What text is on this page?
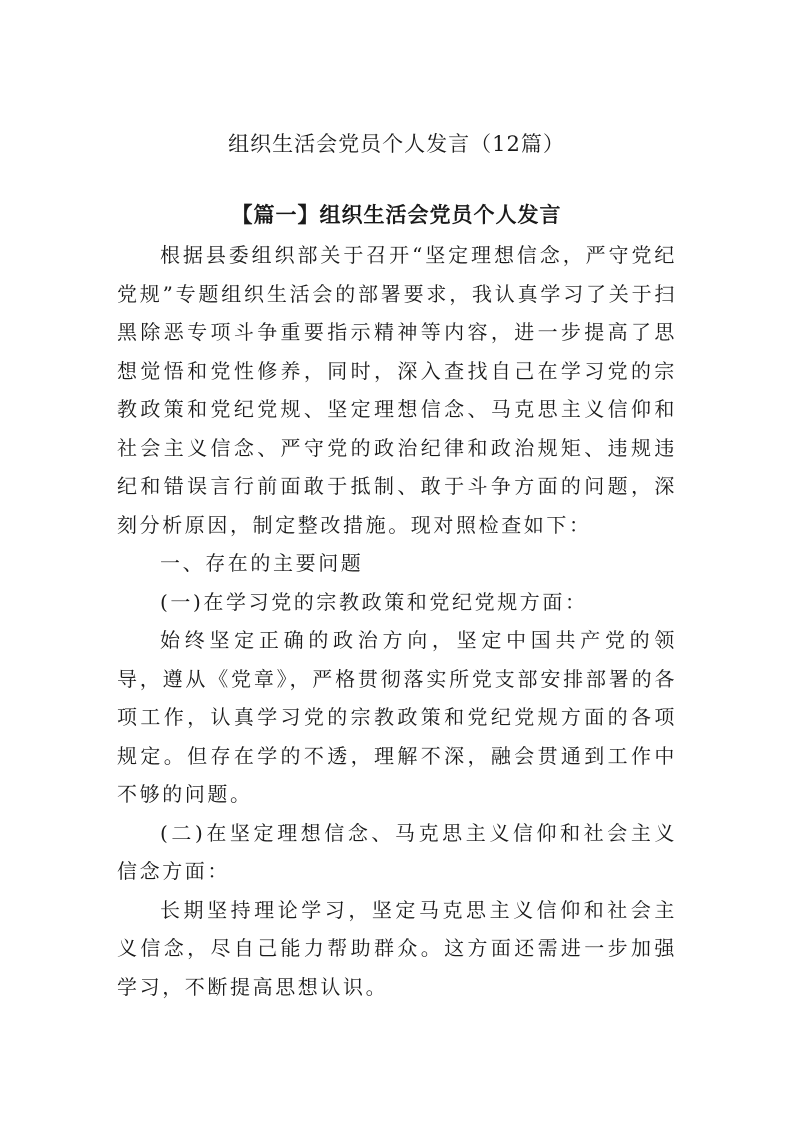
组织生活会党员个人发言（12篇）
【篇一】组织生活会党员个人发言

根据县委组织部关于召开“坚定理想信念，严守党纪党规”专题组织生活会的部署要求，我认真学习了关于扫黑除恶专项斗争重要指示精神等内容，进一步提高了思想觉悟和党性修养，同时，深入查找自己在学习党的宗教政策和党纪党规、坚定理想信念、马克思主义信仰和社会主义信念、严守党的政治纪律和政治规矩、违规违纪和错误言行前面敢于抵制、敢于斗争方面的问题，深刻分析原因，制定整改措施。现对照检查如下：

一、存在的主要问题

(一)在学习党的宗教政策和党纪党规方面：

始终坚定正确的政治方向，坚定中国共产党的领导，遵从《党章》，严格贯彻落实所党支部安排部署的各项工作，认真学习党的宗教政策和党纪党规方面的各项规定。但存在学的不透，理解不深，融会贯通到工作中不够的问题。

(二)在坚定理想信念、马克思主义信仰和社会主义信念方面：

长期坚持理论学习，坚定马克思主义信仰和社会主义信念，尽自己能力帮助群众。这方面还需进一步加强学习，不断提高思想认识。
